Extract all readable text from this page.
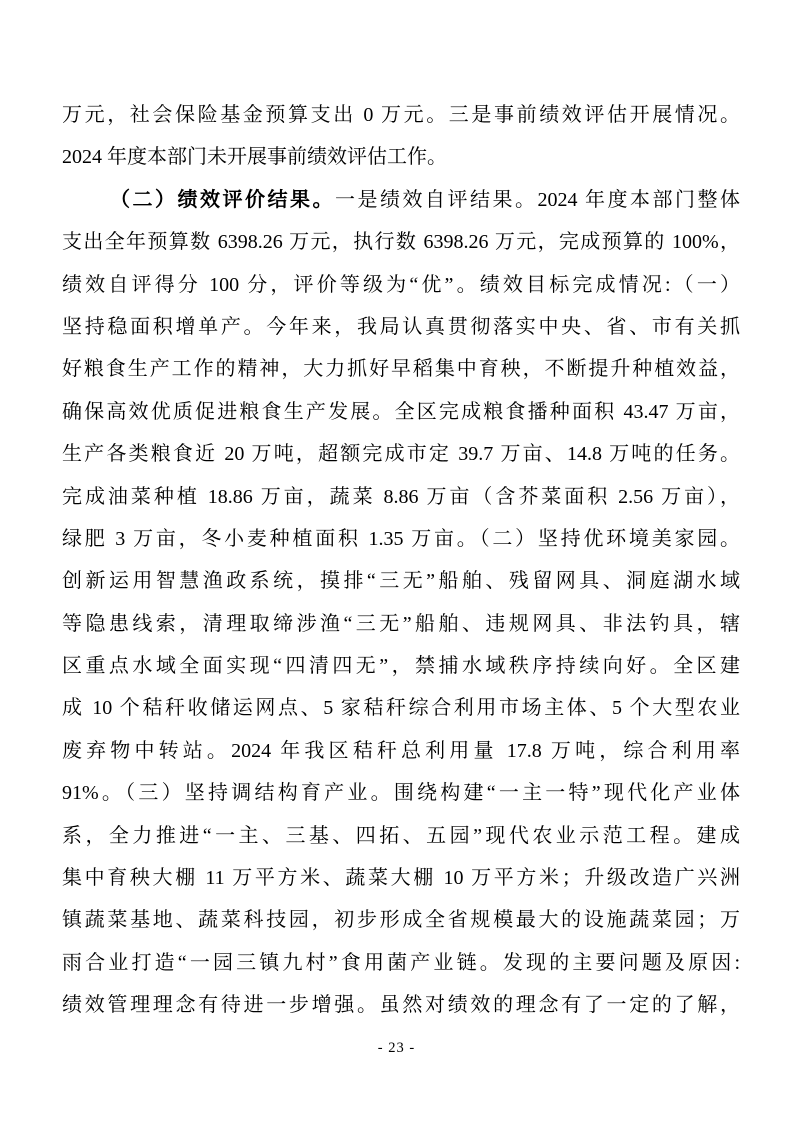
万元，社会保险基金预算支出 0 万元。三是事前绩效评估开展情况。
2024 年度本部门未开展事前绩效评估工作。
（二）绩效评价结果。一是绩效自评结果。2024 年度本部门整体
支出全年预算数 6398.26 万元，执行数 6398.26 万元，完成预算的 100%，
绩效自评得分 100 分，评价等级为“优”。绩效目标完成情况:（一）
坚持稳面积增单产。今年来，我局认真贯彻落实中央、省、市有关抓
好粮食生产工作的精神，大力抓好早稻集中育秧，不断提升种植效益，
确保高效优质促进粮食生产发展。全区完成粮食播种面积 43.47 万亩，
生产各类粮食近 20 万吨，超额完成市定 39.7 万亩、14.8 万吨的任务。
完成油菜种植 18.86 万亩，蔬菜 8.86 万亩（含芥菜面积 2.56 万亩），
绿肥 3 万亩，冬小麦种植面积 1.35 万亩。（二）坚持优环境美家园。
创新运用智慧渔政系统，摸排“三无”船舶、残留网具、洞庭湖水域
等隐患线索，清理取缔涉渔“三无”船舶、违规网具、非法钓具，辖
区重点水域全面实现“四清四无”，禁捕水域秩序持续向好。全区建
成 10 个秸秆收储运网点、5 家秸秆综合利用市场主体、5 个大型农业
废弃物中转站。2024 年我区秸秆总利用量 17.8 万吨，综合利用率
91%。（三）坚持调结构育产业。围绕构建“一主一特”现代化产业体
系，全力推进“一主、三基、四拓、五园”现代农业示范工程。建成
集中育秧大棚 11 万平方米、蔬菜大棚 10 万平方米；升级改造广兴洲
镇蔬菜基地、蔬菜科技园，初步形成全省规模最大的设施蔬菜园；万
雨合业打造“一园三镇九村”食用菌产业链。发现的主要问题及原因:
绩效管理理念有待进一步增强。虽然对绩效的理念有了一定的了解，
- 23 -
